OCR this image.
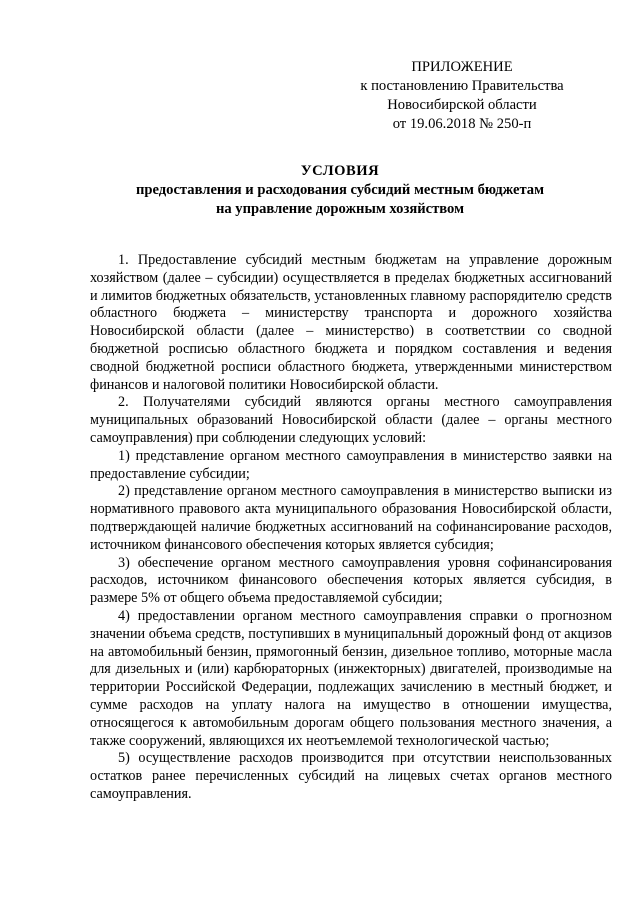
ПРИЛОЖЕНИЕ
к постановлению Правительства
Новосибирской области
от 19.06.2018 № 250-п
УСЛОВИЯ
предоставления и расходования субсидий местным бюджетам
на управление дорожным хозяйством

1. Предоставление субсидий местным бюджетам на управление дорожным хозяйством (далее – субсидии) осуществляется в пределах бюджетных ассигнований и лимитов бюджетных обязательств, установленных главному распорядителю средств областного бюджета – министерству транспорта и дорожного хозяйства Новосибирской области (далее – министерство) в соответствии со сводной бюджетной росписью областного бюджета и порядком составления и ведения сводной бюджетной росписи областного бюджета, утвержденными министерством финансов и налоговой политики Новосибирской области.

2. Получателями субсидий являются органы местного самоуправления муниципальных образований Новосибирской области (далее – органы местного самоуправления) при соблюдении следующих условий:

1) представление органом местного самоуправления в министерство заявки на предоставление субсидии;

2) представление органом местного самоуправления в министерство выписки из нормативного правового акта муниципального образования Новосибирской области, подтверждающей наличие бюджетных ассигнований на софинансирование расходов, источником финансового обеспечения которых является субсидия;

3) обеспечение органом местного самоуправления уровня софинансирования расходов, источником финансового обеспечения которых является субсидия, в размере 5% от общего объема предоставляемой субсидии;

4) предоставлении органом местного самоуправления справки о прогнозном значении объема средств, поступивших в муниципальный дорожный фонд от акцизов на автомобильный бензин, прямогонный бензин, дизельное топливо, моторные масла для дизельных и (или) карбюраторных (инжекторных) двигателей, производимые на территории Российской Федерации, подлежащих зачислению в местный бюджет, и сумме расходов на уплату налога на имущество в отношении имущества, относящегося к автомобильным дорогам общего пользования местного значения, а также сооружений, являющихся их неотъемлемой технологической частью;

5) осуществление расходов производится при отсутствии неиспользованных остатков ранее перечисленных субсидий на лицевых счетах органов местного самоуправления.
